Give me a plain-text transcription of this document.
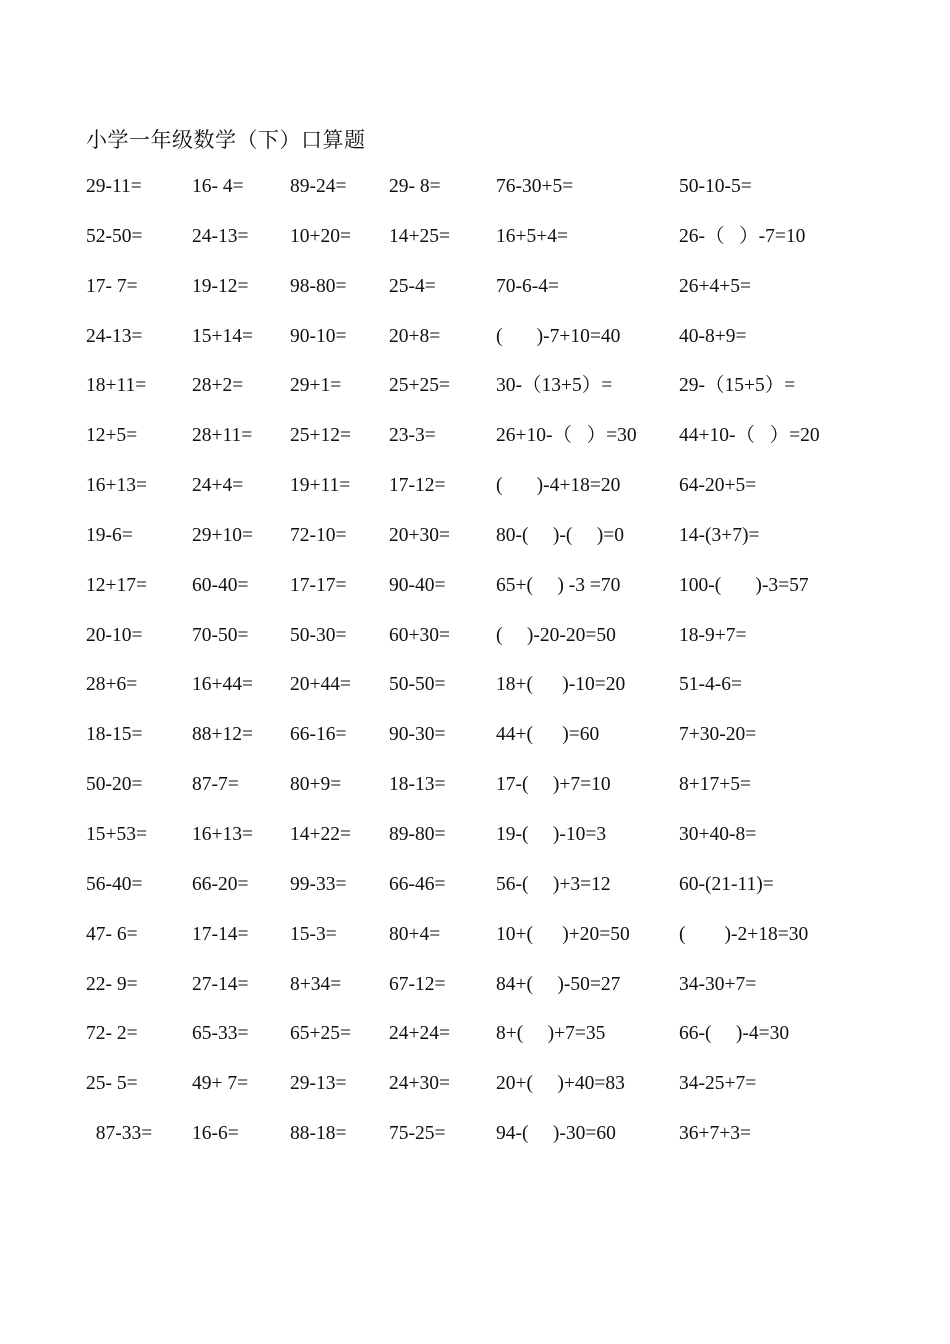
小学一年级数学（下）口算题
29-11=	16- 4= 89-24= 29- 8=	76-30+5=	50-10-5=
52-50=	24-13= 10+20= 14+25= 16+5+4=	26-（   ）-7=10
17- 7=	19-12= 98-80= 25-4=	70-6-4=	26+4+5=
24-13=	15+14= 90-10= 20+8=	(       )-7+10=40	40-8+9=
18+11= 28+2= 29+1= 25+25= 30-（13+5）=	29-（15+5）=
12+5=	28+11= 25+12= 23-3=	26+10-（   ）=30 44+10-（   ）=20
16+13= 24+4= 19+11= 17-12=	(       )-4+18=20	64-20+5=
19-6=	29+10= 72-10= 20+30= 80-(     )-(     )=0	14-(3+7)=
12+17= 60-40= 17-17= 90-40=	65+(     ) -3 =70	100-(       )-3=57
20-10=	70-50= 50-30= 60+30= (     )-20-20=50	18-9+7=
28+6=	16+44= 20+44= 50-50=	18+(      )-10=20	51-4-6=
18-15=	88+12= 66-16= 90-30=	44+(      )=60	7+30-20=
50-20=	87-7=	80+9= 18-13=	17-(     )+7=10	8+17+5=
15+53= 16+13= 14+22= 89-80=	19-(     )-10=3	30+40-8=
56-40=	66-20= 99-33= 66-46=	56-(     )+3=12	60-(21-11)=
47- 6=	17-14= 15-3=	80+4=	10+(      )+20=50	(        )-2+18=30
22- 9=	27-14= 8+34= 67-12=	84+(     )-50=27	34-30+7=
72- 2=	65-33= 65+25= 24+24= 8+(     )+7=35	66-(     )-4=30
25- 5=	49+ 7= 29-13= 24+30= 20+(     )+40=83	34-25+7=
87-33= 16-6=	88-18= 75-25=	94-(     )-30=60	36+7+3=
